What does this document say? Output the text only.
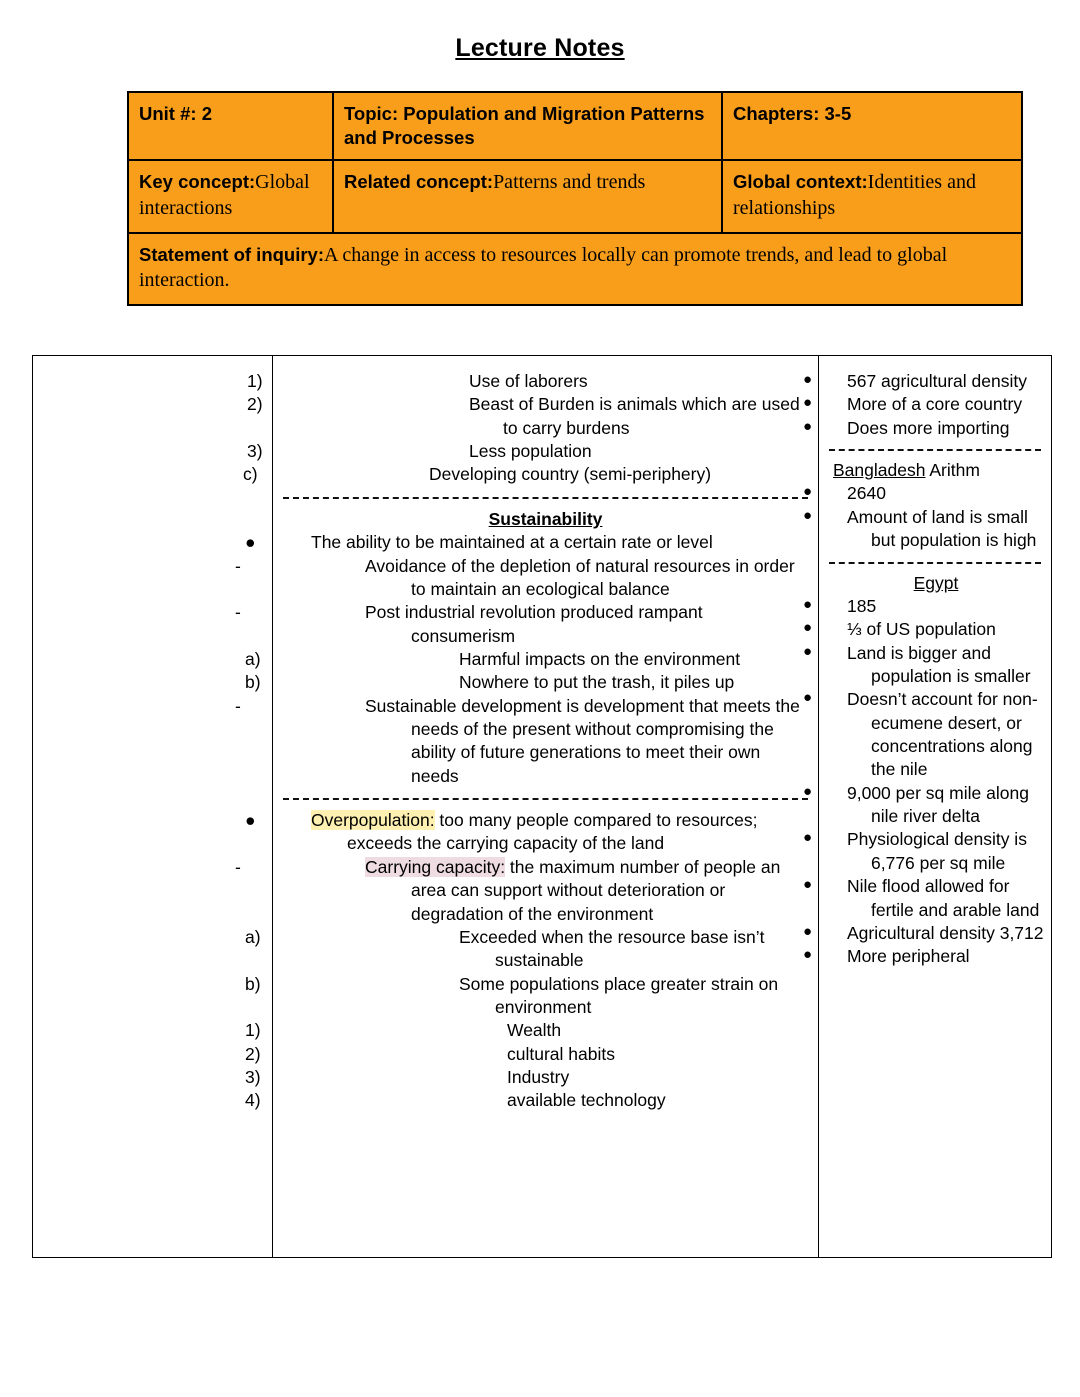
Lecture Notes
Unit #: 2	Topic: Population and Migration Patterns and Processes	Chapters: 3-5
Key concept:Global interactions	Related concept:Patterns and trends	Global context:Identities and relationships
Statement of inquiry:A change in access to resources locally can promote trends, and lead to global interaction.		

1)	Use of laborers
2)	Beast of Burden is animals which are used to carry burdens
3)	Less population
c)	Developing country (semi-periphery)
Sustainability
●	The ability to be maintained at a certain rate or level
-	Avoidance of the depletion of natural resources in order to maintain an ecological balance
-	Post industrial revolution produced rampant consumerism
a)	Harmful impacts on the environment
b)	Nowhere to put the trash, it piles up
-	Sustainable development is development that meets the needs of the present without compromising the ability of future generations to meet their own needs
●	Overpopulation: too many people compared to resources; exceeds the carrying capacity of the land
-	Carrying capacity: the maximum number of people an area can support without deterioration or degradation of the environment
a)	Exceeded when the resource base isn’t sustainable
b)	Some populations place greater strain on environment
1)	Wealth
2)	cultural habits
3)	Industry
4)	available technology

●	567 agricultural density
●	More of a core country
●	Does more importing
Bangladesh Arithm
●	2640
●	Amount of land is small but population is high
Egypt
●	185
●	⅓ of US population
●	Land is bigger and population is smaller
●	Doesn’t account for non-ecumene desert, or concentrations along the nile
●	9,000 per sq mile along nile river delta
●	Physiological density is 6,776 per sq mile
●	Nile flood allowed for fertile and arable land
●	Agricultural density 3,712
●	More peripheral
